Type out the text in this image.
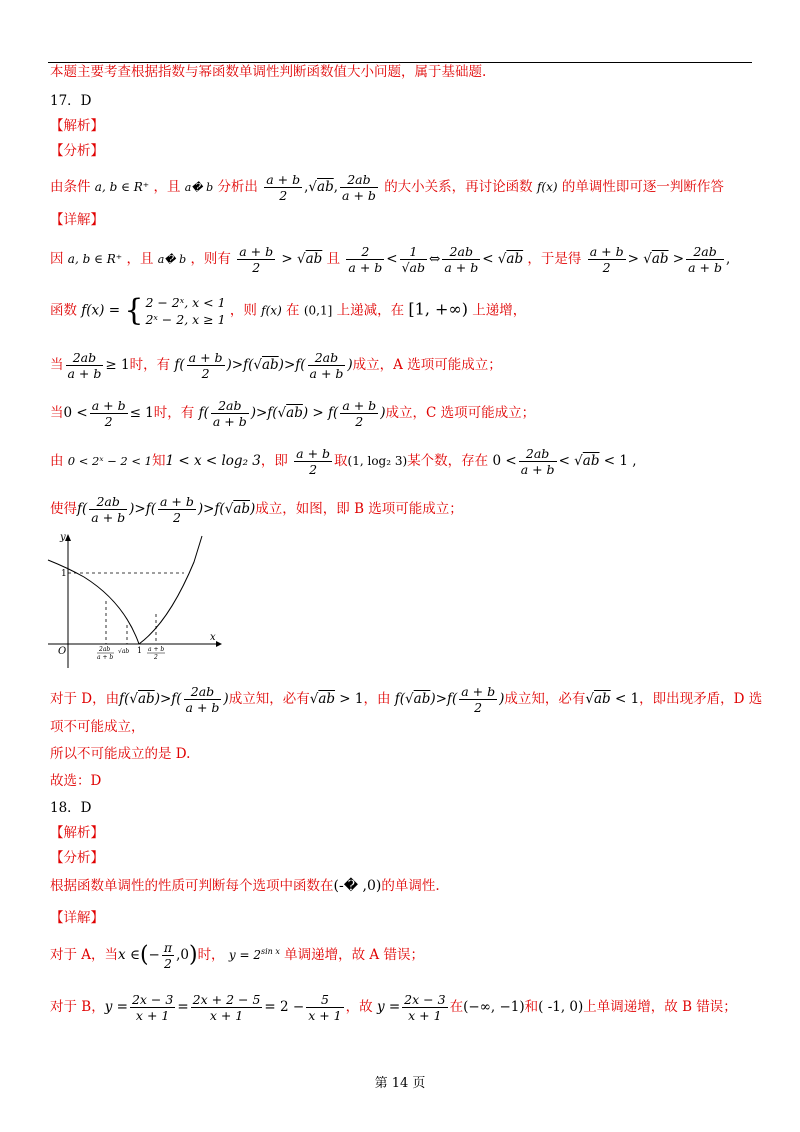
本题主要考查根据指数与幂函数单调性判断函数值大小问题，属于基础题.
17．D
【解析】
【分析】
由条件 a, b ∈ R⁺ ，且 a� b 分析出 $\frac{a + b}{2} ,√ab$, $\frac{2ab}{a + b}$ 的大小关系，再讨论函数 f(x) 的单调性即可逐一判断作答
【详解】
因 a, b ∈ R⁺ ，且 a� b ，则有 $\frac{a + b}{2} > √ab$ 且 $\frac{2}{a + b} < \frac{1}{√ab}$ ⇔ $\frac{2ab}{a + b} < √ab$ ，于是得 $\frac{a + b}{2} > √ab > \frac{2ab}{a + b}$ ,
函数 f(x) = { 2 − 2ˣ, x < 1
2ˣ − 2, x ≥ 1
，则 f(x) 在 (0,1] 上递减，在 [1, +∞) 上递增，
当 $\frac{2ab}{a + b} \ge 1$时，有 $f( \frac{a + b}{2} )>f(√ab)>f( \frac{2ab}{a + b}$ )成立，A 选项可能成立；
当$0 < \frac{a + b}{2} \le 1$时，有 $f( \frac{2ab}{a + b} )>f(√ab) > f( \frac{a + b}{2}$ )成立，C 选项可能成立；
由 0 < 2ˣ − 2 < 1知1 < x < log₂ 3，即 $\frac{a + b}{2}$ 取(1, log₂ 3)某个数，存在 $0 < \frac{2ab}{a + b} < √ab < 1$ ,
使得$f( \frac{2ab}{a + b} )>f( \frac{a + b}{2} )>f(√ab)$成立，如图，即 B 选项可能成立；
y
x
O
1
1
2ab
a + b
√ab	a + b
2
对于 D，由$f(√ab)>f( \frac{2ab}{a + b}$ )成立知，必有√ab > 1，由 $f(√ab)>f( \frac{a + b}{2}$ )成立知，必有√ab < 1，即出现矛盾，D 选
项不可能成立，
所以不可能成立的是 D.
故选：D
18．D
【解析】
【分析】
根据函数单调性的性质可判断每个选项中函数在(-� ,0)的单调性.
【详解】
对于 A，当x ∈(− $\frac{\pi}{2} ,0$)时， $y = 2^{sin x}$ 单调递增，故 A 错误；
对于 B，$y = \frac{2x - 3}{x + 1} = \frac{2x + 2 - 5}{x + 1} = 2 - \frac{5}{x + 1}$ ，故 $y = \frac{2x - 3}{x + 1}$ 在(−∞, −1)和( -1, 0)上单调递增，故 B 错误；
第 14 页
